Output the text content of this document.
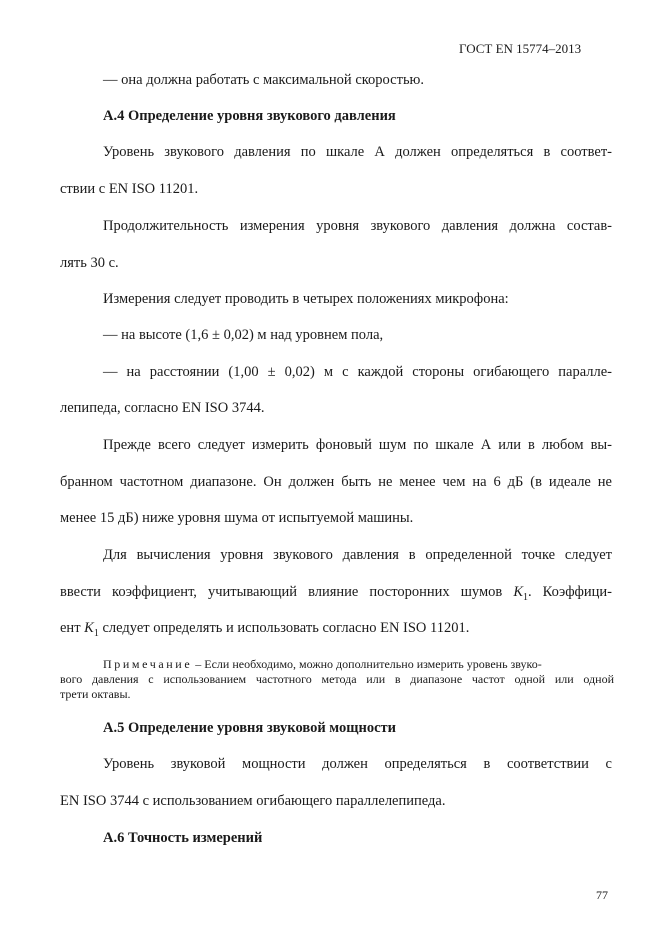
ГОСТ EN 15774–2013
— она должна работать с максимальной скоростью.
А.4 Определение уровня звукового давления
Уровень звукового давления по шкале А должен определяться в соответ-
ствии с EN ISO 11201.
Продолжительность измерения уровня звукового давления должна состав-
лять 30 с.
Измерения следует проводить в четырех положениях микрофона:
— на высоте (1,6 ± 0,02) м над уровнем пола,
— на расстоянии (1,00 ± 0,02) м с каждой стороны огибающего паралле-
лепипеда, согласно EN ISO 3744.
Прежде всего следует измерить фоновый шум по шкале А или в любом вы-
бранном частотном диапазоне. Он должен быть не менее чем на 6 дБ (в идеале не
менее 15 дБ) ниже уровня шума от испытуемой машины.
Для вычисления уровня звукового давления в определенной точке следует
ввести коэффициент, учитывающий влияние посторонних шумов $K_1$. Коэффици-
ент $K_1$ следует определять и использовать согласно EN ISO 11201.
Примечание – Если необходимо, можно дополнительно измерить уровень звуко-
вого давления с использованием частотного метода или в диапазоне частот одной или одной
трети октавы.
А.5 Определение уровня звуковой мощности
Уровень звуковой мощности должен определяться в соответствии с
EN ISO 3744 с использованием огибающего параллелепипеда.
А.6 Точность измерений
77
